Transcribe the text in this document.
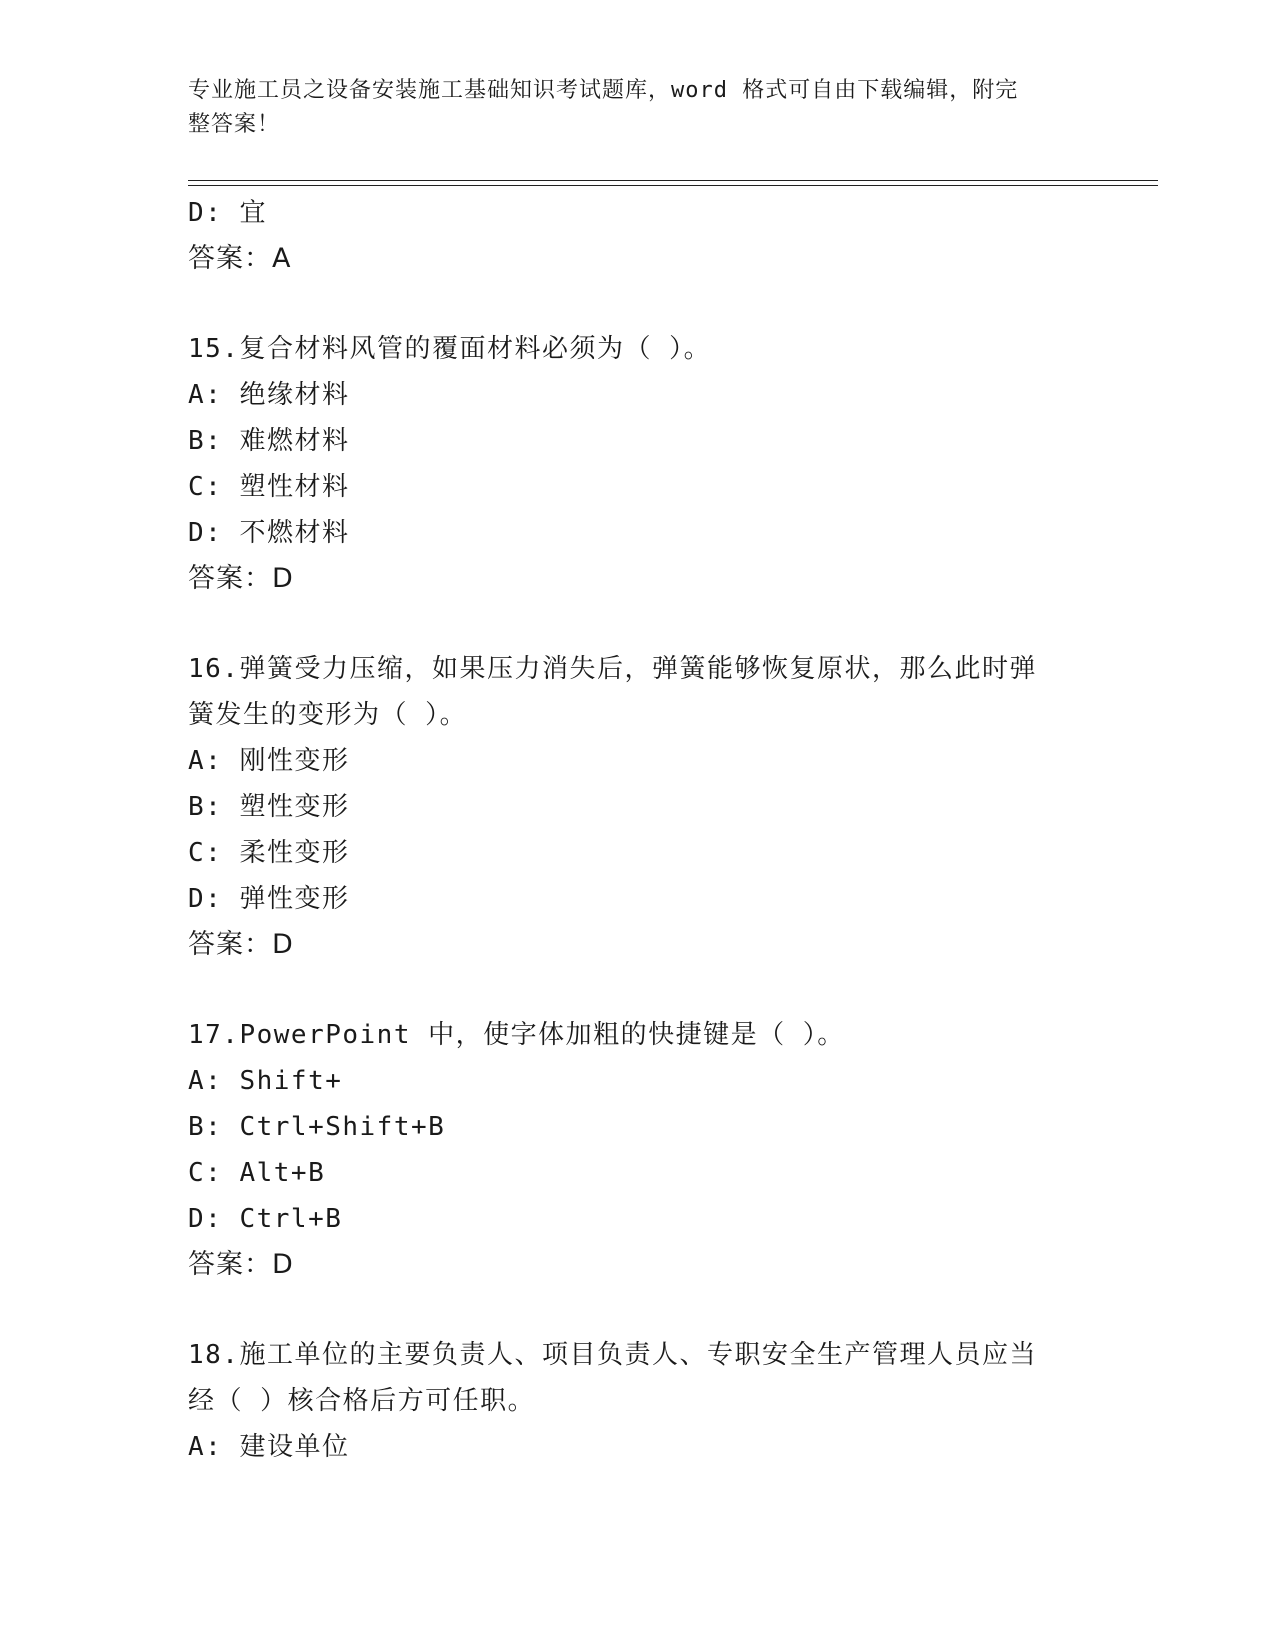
专业施工员之设备安装施工基础知识考试题库，word 格式可自由下载编辑，附完
整答案！
D: 宜
答案：A
15.复合材料风管的覆面材料必须为（ ）。
A: 绝缘材料
B: 难燃材料
C: 塑性材料
D: 不燃材料
答案：D
16.弹簧受力压缩，如果压力消失后，弹簧能够恢复原状，那么此时弹
簧发生的变形为（ ）。
A: 刚性变形
B: 塑性变形
C: 柔性变形
D: 弹性变形
答案：D
17.PowerPoint 中，使字体加粗的快捷键是（ ）。
A: Shift+
B: Ctrl+Shift+B
C: Alt+B
D: Ctrl+B
答案：D
18.施工单位的主要负责人、项目负责人、专职安全生产管理人员应当
经（ ）核合格后方可任职。
A: 建设单位
